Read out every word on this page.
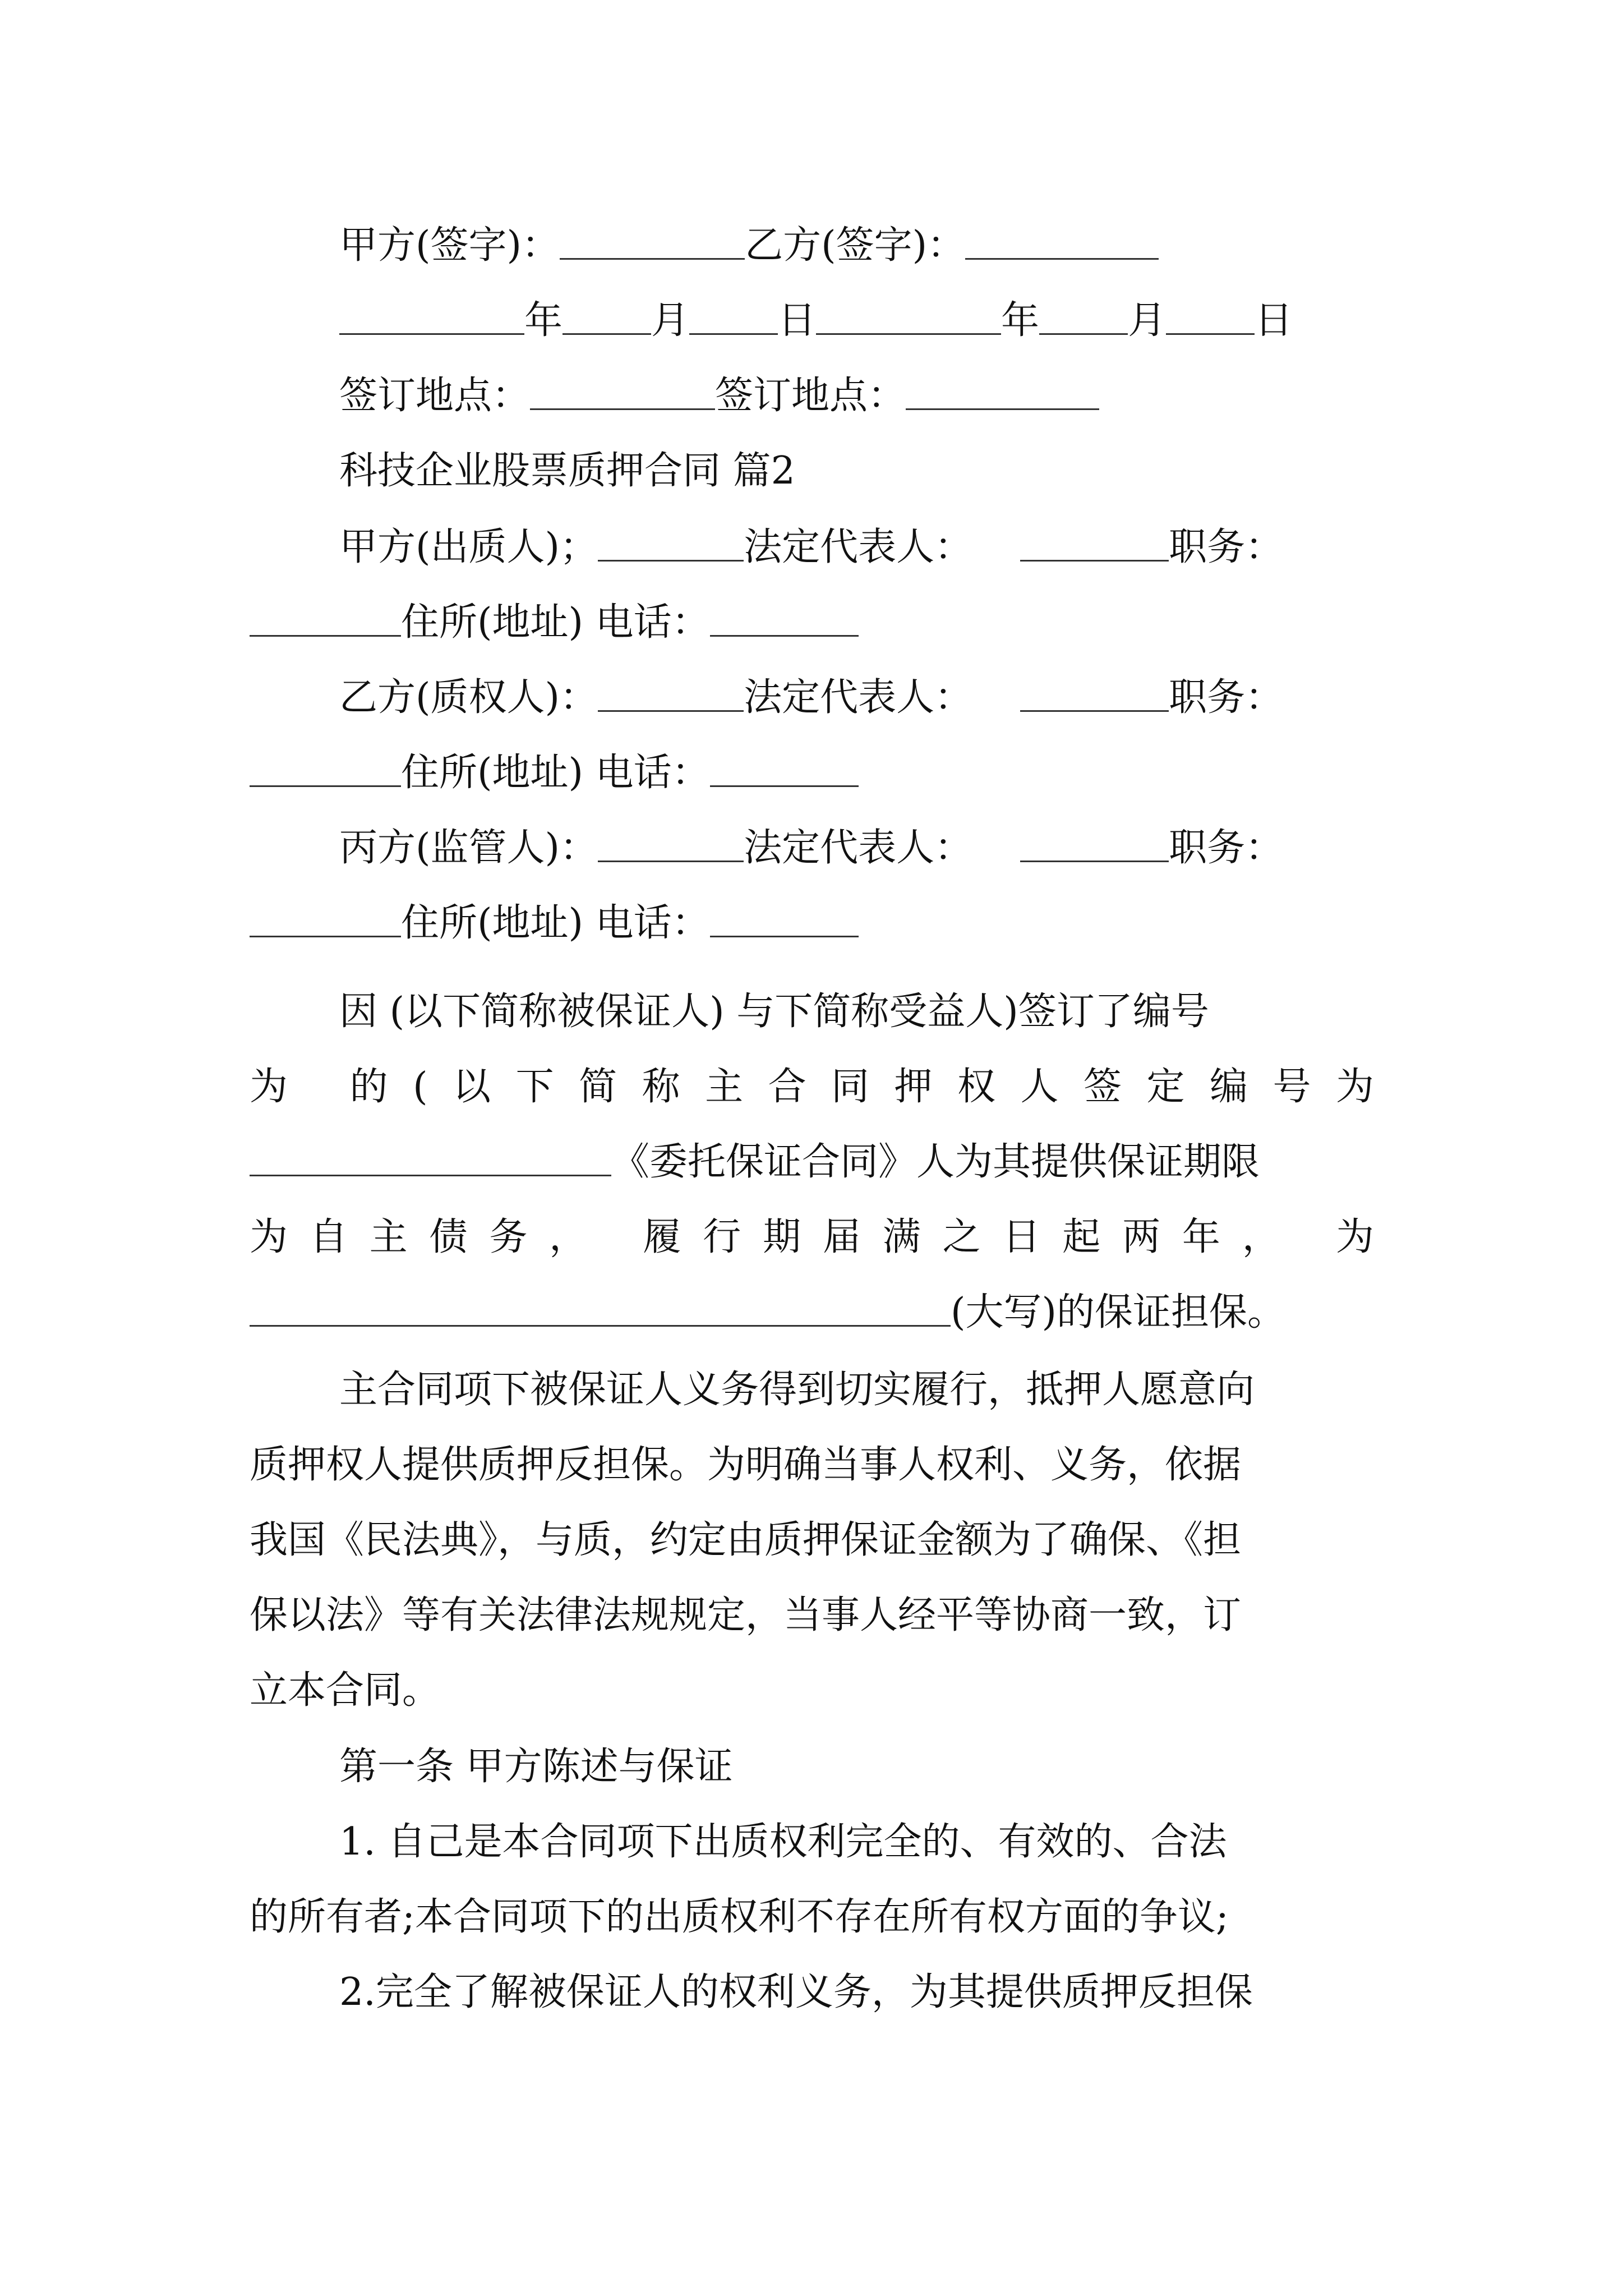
甲方(签字)：	乙方(签字)：
年 月 日	年 月 日
签订地点：	签订地点：
科技企业股票质押合同 篇2
甲方(出质人)；	法定代表人：	职务：
住所(地址) 电话：
乙方(质权人)：	法定代表人：	职务：
住所(地址) 电话：
丙方(监管人)：	法定代表人：	职务：
住所(地址) 电话：
因 (以下简称被保证人) 与下简称受益人)签订了编号
为 的(以下简称主合同押权人签定编号为
《委托保证合同》人为其提供保证期限
为自主债务， 履行期届满之日起两年， 为
(大写)的保证担保。
主合同项下被保证人义务得到切实履行，抵押人愿意向
质押权人提供质押反担保。为明确当事人权利、义务，依据
我国《民法典》，与质，约定由质押保证金额为了确保、《担
保以法》等有关法律法规规定，当事人经平等协商一致，订
立本合同。
第一条 甲方陈述与保证
1. 自己是本合同项下出质权利完全的、有效的、合法
的所有者;本合同项下的出质权利不存在所有权方面的争议;
2.完全了解被保证人的权利义务，为其提供质押反担保
